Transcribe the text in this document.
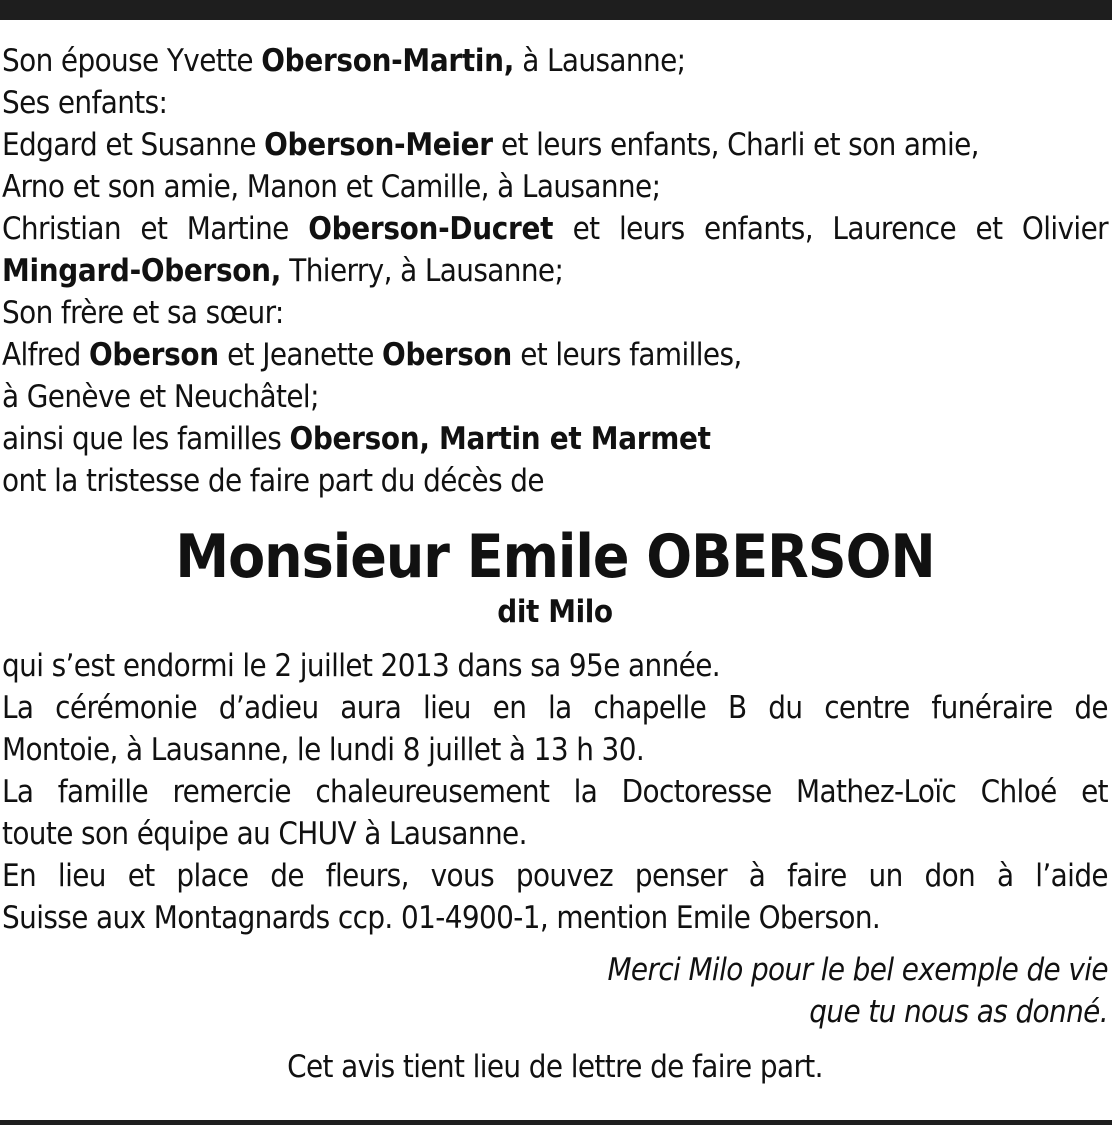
Son épouse Yvette Oberson-Martin, à Lausanne;
Ses enfants:
Edgard et Susanne Oberson-Meier et leurs enfants, Charli et son amie,
Arno et son amie, Manon et Camille, à Lausanne;
Christian et Martine Oberson-Ducret et leurs enfants, Laurence et Olivier
Mingard-Oberson, Thierry, à Lausanne;
Son frère et sa sœur:
Alfred Oberson et Jeanette Oberson et leurs familles,
à Genève et Neuchâtel;
ainsi que les familles Oberson, Martin et Marmet
ont la tristesse de faire part du décès de
Monsieur Emile OBERSON
dit Milo
qui s’est endormi le 2 juillet 2013 dans sa 95e année.
La cérémonie d’adieu aura lieu en la chapelle B du centre funéraire de
Montoie, à Lausanne, le lundi 8 juillet à 13 h 30.
La famille remercie chaleureusement la Doctoresse Mathez-Loïc Chloé et
toute son équipe au CHUV à Lausanne.
En lieu et place de fleurs, vous pouvez penser à faire un don à l’aide
Suisse aux Montagnards ccp. 01-4900-1, mention Emile Oberson.
Merci Milo pour le bel exemple de vie
que tu nous as donné.
Cet avis tient lieu de lettre de faire part.
